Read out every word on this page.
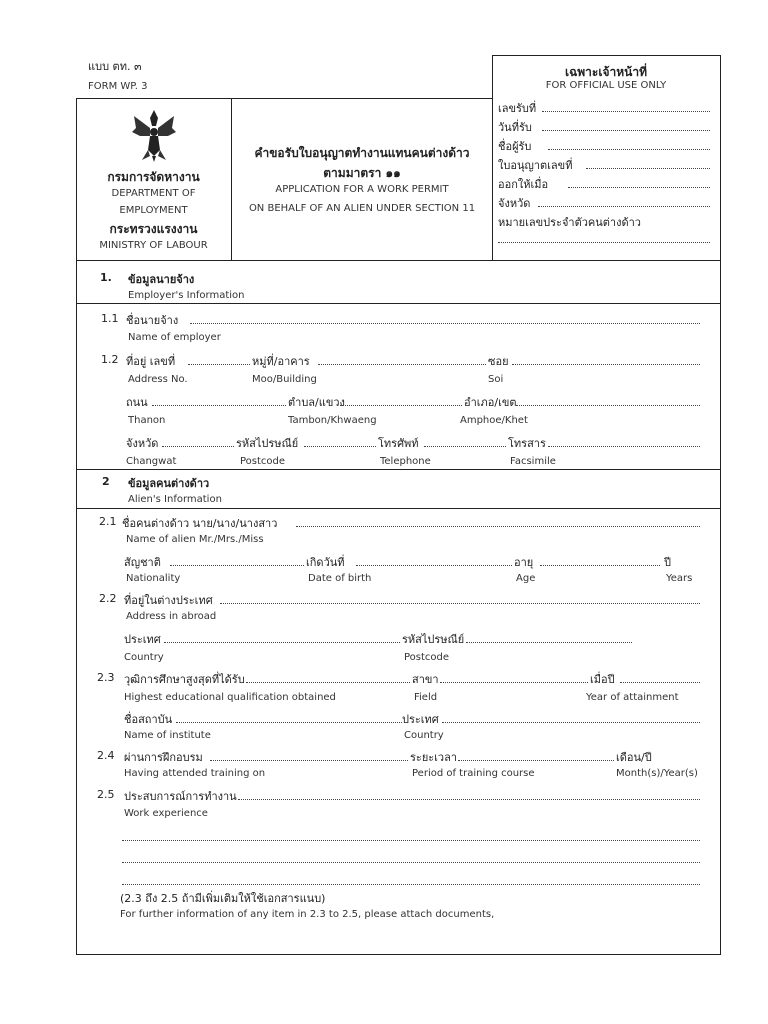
แบบ ตท. ๓
FORM WP. 3
เฉพาะเจ้าหน้าที่
FOR OFFICIAL USE ONLY
เลขรับที่
วันที่รับ
ชื่อผู้รับ
ใบอนุญาตเลขที่
ออกให้เมื่อ
จังหวัด
หมายเลขประจำตัวคนต่างด้าว
กรมการจัดหางาน
DEPARTMENT OF
EMPLOYMENT
กระทรวงแรงงาน
MINISTRY OF LABOUR
คำขอรับใบอนุญาตทำงานแทนคนต่างด้าว
ตามมาตรา ๑๑
APPLICATION FOR A WORK PERMIT
ON BEHALF OF AN ALIEN UNDER SECTION 11
1. ข้อมูลนายจ้าง
Employer's Information
1.1 ชื่อนายจ้าง
Name of employer
1.2 ที่อยู่ เลขที่	หมู่ที่/อาคาร	ซอย
Address No.	Moo/Building	Soi
ถนน	ตำบล/แขวง	อำเภอ/เขต
Thanon	Tambon/Khwaeng	Amphoe/Khet
จังหวัด	รหัสไปรษณีย์	โทรศัพท์	โทรสาร
Changwat	Postcode	Telephone	Facsimile
2 ข้อมูลคนต่างด้าว
Alien's Information
2.1 ชื่อคนต่างด้าว นาย/นาง/นางสาว
Name of alien Mr./Mrs./Miss
สัญชาติ	เกิดวันที่	อายุ	ปี
Nationality	Date of birth	Age	Years
2.2 ที่อยู่ในต่างประเทศ
Address in abroad
ประเทศ	รหัสไปรษณีย์
Country	Postcode
2.3 วุฒิการศึกษาสูงสุดที่ได้รับ	สาขา	เมื่อปี
Highest educational qualification obtained	Field	Year of attainment
ชื่อสถาบัน	ประเทศ
Name of institute	Country
2.4 ผ่านการฝึกอบรม	ระยะเวลา	เดือน/ปี
Having attended training on	Period of training course	Month(s)/Year(s)
2.5 ประสบการณ์การทำงาน
Work experience
(2.3 ถึง 2.5 ถ้ามีเพิ่มเติมให้ใช้เอกสารแนบ)
For further information of any item in 2.3 to 2.5, please attach documents,
